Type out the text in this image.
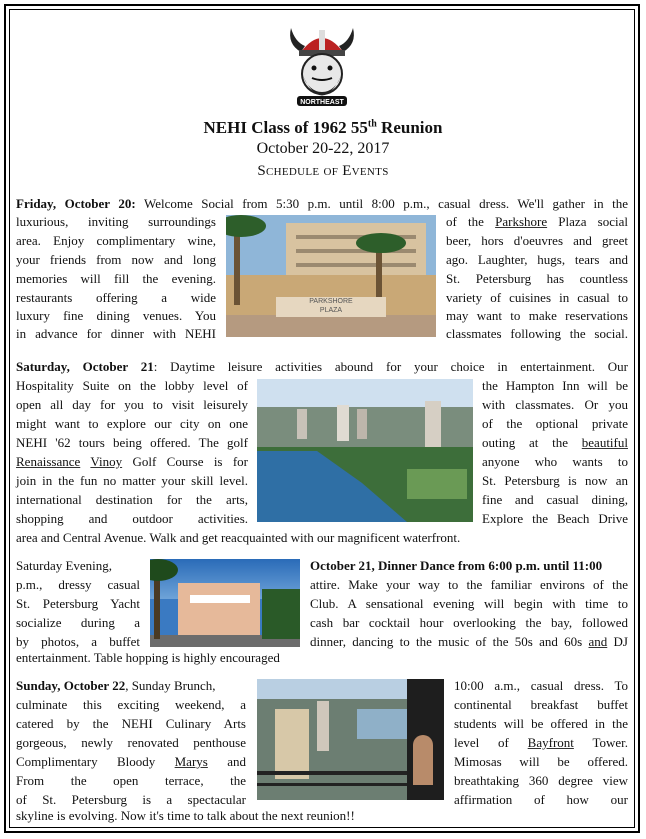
NORTHEAST
NEHI Class of 1962 55th Reunion
October 20-22, 2017
Schedule of Events
Friday, October 20: Welcome Social from 5:30 p.m. until 8:00 p.m., casual dress. We'll gather in the
luxurious, inviting surroundings
area. Enjoy complimentary wine,
your friends from now and long
memories will fill the evening.
restaurants offering a wide
luxury fine dining venues. You
in advance for dinner with NEHI
PARKSHORE
PLAZA
of the Parkshore Plaza social
beer, hors d'oeuvres and greet
ago. Laughter, hugs, tears and
St. Petersburg has countless
variety of cuisines in casual to
may want to make reservations
classmates following the social.
Saturday, October 21: Daytime leisure activities abound for your choice in entertainment. Our
Hospitality Suite on the lobby level of
open all day for you to visit leisurely
might want to explore our city on one
NEHI '62 tours being offered. The golf
Renaissance Vinoy Golf Course is for
join in the fun no matter your skill level.
international destination for the arts,
shopping and outdoor activities.
the Hampton Inn will be
with classmates. Or you
of the optional private
outing at the beautiful
anyone who wants to
St. Petersburg is now an
fine and casual dining,
Explore the Beach Drive
area and Central Avenue. Walk and get reacquainted with our magnificent waterfront.
Saturday Evening,
p.m., dressy casual
St. Petersburg Yacht
socialize during a
by photos, a buffet
October 21, Dinner Dance from 6:00 p.m. until 11:00
attire. Make your way to the familiar environs of the
Club. A sensational evening will begin with time to
cash bar cocktail hour overlooking the bay, followed
dinner, dancing to the music of the 50s and 60s and DJ
entertainment. Table hopping is highly encouraged
Sunday, October 22, Sunday Brunch,
culminate this exciting weekend, a
catered by the NEHI Culinary Arts
gorgeous, newly renovated penthouse
Complimentary Bloody Marys and
From the open terrace, the
of St. Petersburg is a spectacular
10:00 a.m., casual dress. To
continental breakfast buffet
students will be offered in the
level of Bayfront Tower.
Mimosas will be offered.
breathtaking 360 degree view
affirmation of how our
skyline is evolving. Now it's time to talk about the next reunion!!
